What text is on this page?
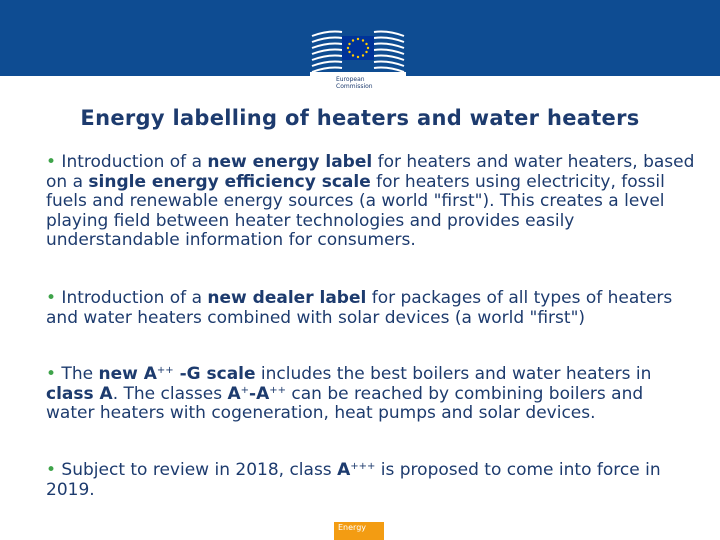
European
Commission
Energy labelling of heaters and water heaters
• Introduction of a new energy label for heaters and water heaters, based on a single energy efficiency scale for heaters using electricity, fossil fuels and renewable energy sources (a world "first"). This creates a level playing field between heater technologies and provides easily understandable information for consumers.
• Introduction of a new dealer label for packages of all types of heaters and water heaters combined with solar devices (a world "first")
• The new A++ -G scale includes the best boilers and water heaters in class A. The classes A+-A++ can be reached by combining boilers and water heaters with cogeneration, heat pumps and solar devices.
• Subject to review in 2018, class A+++ is proposed to come into force in 2019.
Energy
